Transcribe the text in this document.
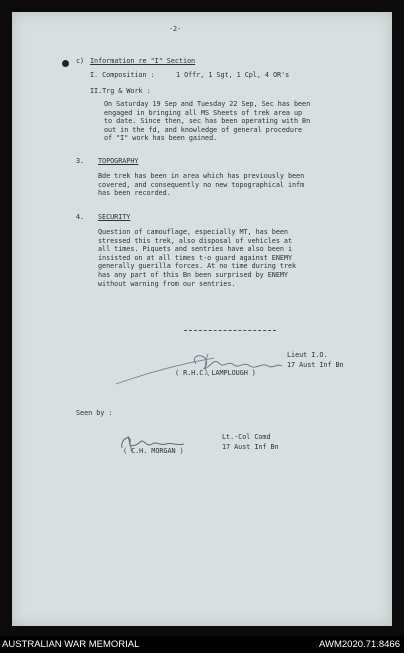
-2-
c) Information re "I" Section
I. Composition :	1 Offr, 1 Sgt, 1 Cpl, 4 OR's
II.Trg & Work :
On Saturday 19 Sep and Tuesday 22 Sep, Sec has been
engaged in bringing all MS Sheets of trek area up
to date. Since then, sec has been operating with Bn
out in the fd, and knowledge of general procedure
of "I" work has been gained.
3. TOPOGRAPHY
Bde trek has been in area which has previously been
covered, and consequently no new topographical infm
has been recorded.
4. SECURITY
Question of camouflage, especially MT, has been
stressed this trek, also disposal of vehicles at
all times. Piquets and sentries have also been i
insisted on at all times t-o guard against ENEMY
generally guerilla forces. At no time during trek
has any part of this Bn been surprised by ENEMY
without warning from our sentries.
( R.H.C. LAMPLOUGH )
Lieut I.O.
17 Aust Inf Bn
Seen by :
( C.H. MORGAN )
Lt.-Col Comd
17 Aust Inf Bn
AUSTRALIAN WAR MEMORIAL	AWM2020.71.8466
